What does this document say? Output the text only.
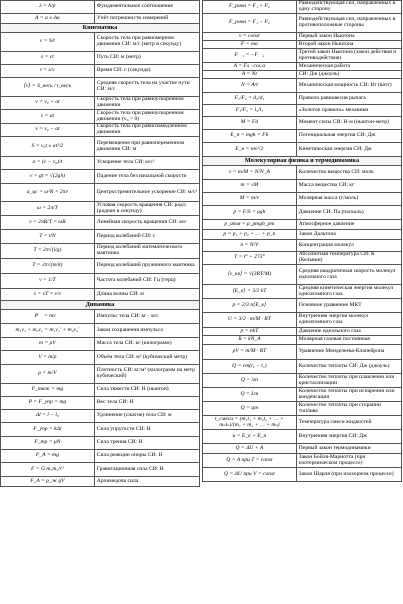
λ = h/p	Фундаментальное соотношение
A = a ± Δa	Учёт погрешности измерений
Кинематика	
v = S/t	Скорость тела при равномерном движении СИ: м/с (метр в секунду)
s = ct	Путь СИ: м (метр)
t = s/v	Время СИ: с (секунда)
⟨v⟩ = S_весь / t_весь	Средняя скорость тела на участке пути СИ: м/с
v = v₀ + at	Скорость тела при равноускоренном движении
v = at	Скорость тела при равноускоренном движении (v₀ = 0)
v = v₀ − at	Скорость тела при равнозамедленном движении
S = v₀t ± at²/2	Перемещение при равнопеременном движении СИ: м
a = (v − v₀)/t	Ускорение тела СИ: м/с²
v = gt = √(2gh)	Падение тела без начальной скорости
a_цс = ω²R = 2πv	Центростремительное ускорение СИ: м/с²
ω = 2π/T	Угловая скорость вращения СИ: рад/с (радиан в секунду)
v = 2πR/T = ωR	Линейная скорость вращения СИ: м/с
T = t/N	Период колебаний СИ: с
T = 2π√(l/g)	Период колебаний математического маятника
T = 2π√(m/k)	Период колебаний пружинного маятника
v = 1/T	Частота колебаний СИ: Гц (герц)
λ = vT = v/ν	Длина волны СИ: м
Динамика	
P⃗ = mv⃗	Импульс тела СИ: кг · м/с
m₁v₁ + m₂v₂ = m₁v₁′ + m₂v₂′	Закон сохранения импульса
m = ρV	Масса тела СИ: кг (килограмм)
V = m/ρ	Объём тела СИ: м³ (кубический метр)
ρ = m/V	Плотность СИ: кг/м³ (килограмм на метр кубический)
F_тяж = mg	Сила тяжести СИ: Н (ньютон)
P = F_упр = mg	Вес тела СИ: Н
Δl = l − l₀	Удлинение (сжатие) тела СИ: м
F_упр = kΔl	Сила упругости СИ: Н
F_тр = μN	Сила трения СИ: Н
F_A = mg	Сила реакции опоры СИ: Н
F = G·m₁m₂/r²	Гравитационная сила СИ: Н
F_A = ρ_ж gV	Архимедова сила
F_равн = F₁ + F₂	Равнодействующая сил, направленных в одну сторону
F_равн = F₁ − F₂	Равнодействующая сил, направленных в противоположные стороны
v = const	Первый закон Ньютона
F = ma	Второй закон Ньютона
F⃗₁ = −F⃗₂	Третий закон Ньютона (закон действия и противодействия)
A = Fs · cos α	Механическая работа
A = Nt	СИ: Дж (джоуль)
N = A/t	Механическая мощность СИ: Вт (ватт)
F₁/F₂ = d₂/d₁	Правило равновесия рычага
F₁/F₂ = l₂/l₁	«Золотое правило» механики
M = Fd	Момент силы СИ: Н·м (ньютон-метр)
E_п = mgh = Fh	Потенциальная энергия СИ: Дж
E_к = mv²/2	Кинетическая энергия СИ: Дж
Молекулярная физика и термодинамика	
v = m/M = N/N_A	Количество вещества СИ: моль
m = vM	Масса вещества СИ: кг
M = m/v	Молярная масса (г/моль)
p = F/S = ρgh	Давление СИ: Па (паскаль)
p_атм = ρ_ртgh_рт	Атмосферное давление
p = p₁ + p₂ + … + p_n	Закон Дальтона
n = N/V	Концентрация молекул
T = t° + 273°	Абсолютная температура СИ: К (Кельвин)
⟨v_кв⟩ = √(3RT/M)	Средняя квадратичная скорость молекул идеального газа
⟨E_к⟩ = 3/2 kT	Средняя кинетическая энергия молекул одноатомного газа
p = 2/3 n⟨E_к⟩	Основное уравнение МКТ
U = 3/2 · m/M · RT	Внутренняя энергия молекул одноатомного газа
p = nkT	Давление идеального газа
R = kN_A	Молярная газовая постоянная
pV = m/M · RT	Уравнение Менделеева-Клапейрона
Q = cm(t₂ − t₁)	Количество теплоты СИ: Дж (джоуль)
Q = λm	Количество теплоты при плавлении или кристаллизации
Q = Lm	Количество теплоты при испарении или конденсации
Q = qm	Количество теплоты при сгорании топлива
t_смеси = (m₁t₁ + m₂t₂ + … + mₙtₙ)/(m₁ + m₂ + … + mₙ)	Температура смеси жидкостей
u = E_к + E_п	Внутренняя энергия СИ: Дж
Q = ΔU + A	Первый закон термодинамики
Q = A при T = const	Закон Бойля-Мариотта (при изотермическом процессе)
Q = ΔU при V = const	Закон Шарля (при изохорном процессе)
